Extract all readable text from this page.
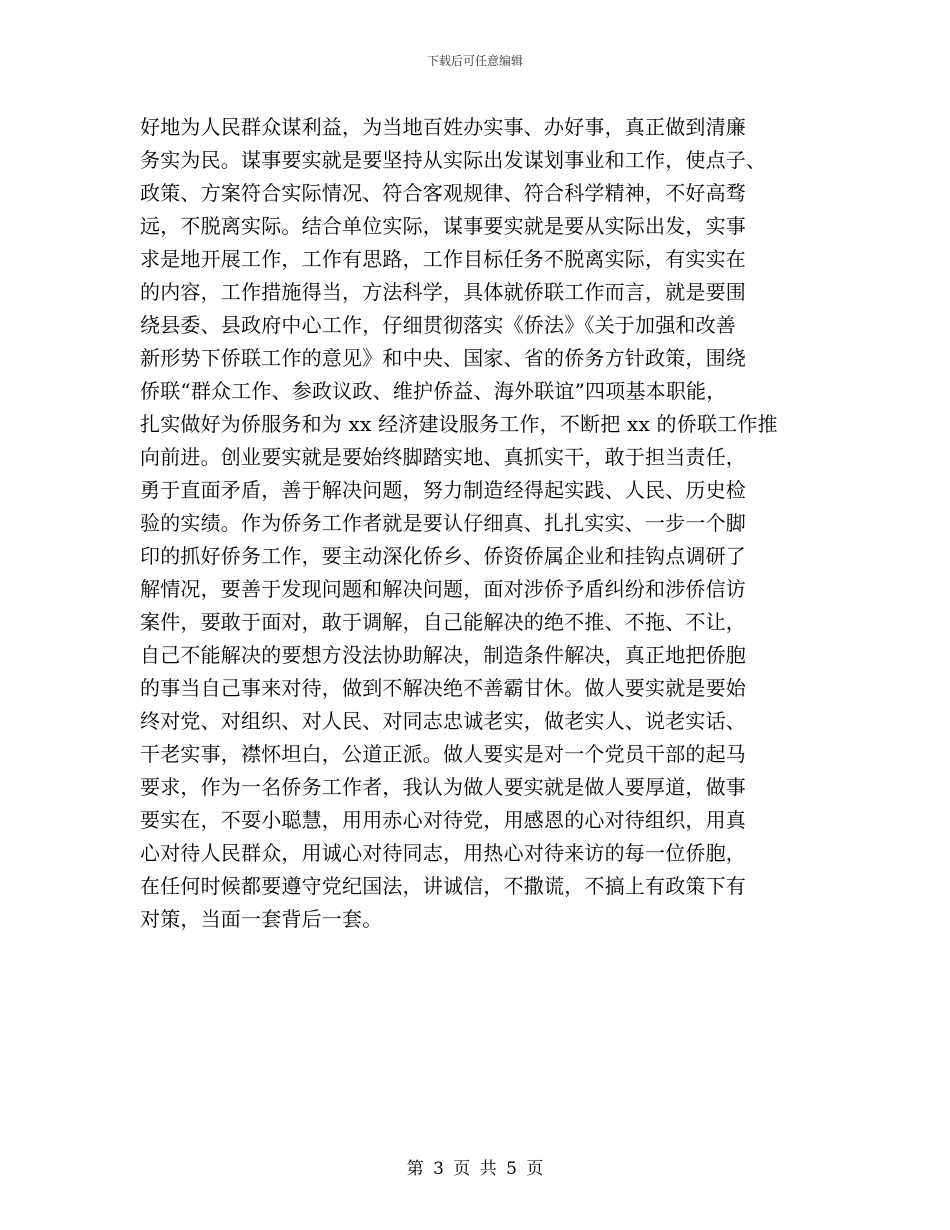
下载后可任意编辑
好地为人民群众谋利益，为当地百姓办实事、办好事，真正做到清廉
务实为民。谋事要实就是要坚持从实际出发谋划事业和工作，使点子、
政策、方案符合实际情况、符合客观规律、符合科学精神，不好高骛
远，不脱离实际。结合单位实际，谋事要实就是要从实际出发，实事
求是地开展工作，工作有思路，工作目标任务不脱离实际，有实实在
的内容，工作措施得当，方法科学，具体就侨联工作而言，就是要围
绕县委、县政府中心工作，仔细贯彻落实《侨法》《关于加强和改善
新形势下侨联工作的意见》和中央、国家、省的侨务方针政策，围绕
侨联“群众工作、参政议政、维护侨益、海外联谊”四项基本职能，
扎实做好为侨服务和为 xx 经济建设服务工作，不断把 xx 的侨联工作推
向前进。创业要实就是要始终脚踏实地、真抓实干，敢于担当责任，
勇于直面矛盾，善于解决问题，努力制造经得起实践、人民、历史检
验的实绩。作为侨务工作者就是要认仔细真、扎扎实实、一步一个脚
印的抓好侨务工作，要主动深化侨乡、侨资侨属企业和挂钩点调研了
解情况，要善于发现问题和解决问题，面对涉侨予盾纠纷和涉侨信访
案件，要敢于面对，敢于调解，自己能解决的绝不推、不拖、不让，
自己不能解决的要想方没法协助解决，制造条件解决，真正地把侨胞
的事当自己事来对待，做到不解决绝不善霸甘休。做人要实就是要始
终对党、对组织、对人民、对同志忠诚老实，做老实人、说老实话、
干老实事，襟怀坦白，公道正派。做人要实是对一个党员干部的起马
要求，作为一名侨务工作者，我认为做人要实就是做人要厚道，做事
要实在，不耍小聪慧，用用赤心对待党，用感恩的心对待组织，用真
心对待人民群众，用诚心对待同志，用热心对待来访的每一位侨胞，
在任何时候都要遵守党纪国法，讲诚信，不撒谎，不搞上有政策下有
对策，当面一套背后一套。
第 3 页 共 5 页
